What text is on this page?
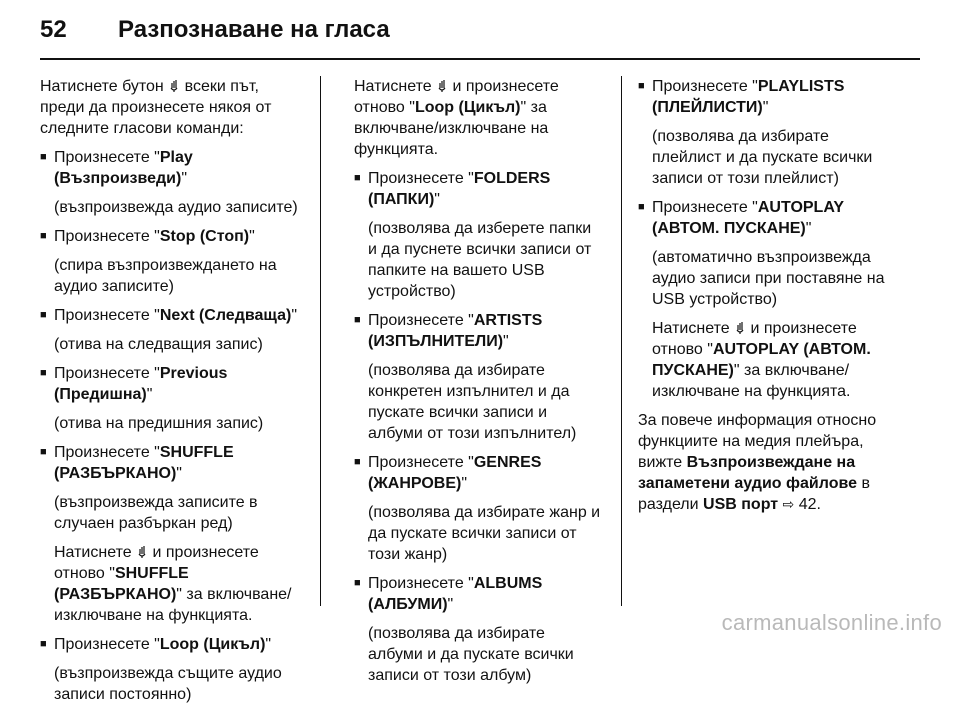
52	Разпознаване на гласа

Натиснете бутон  всеки път, преди да произнесете някоя от следните гласови команди:

■ Произнесете "Play (Възпроизведи)"

(възпроизвежда аудио записите)

■ Произнесете "Stop (Стоп)"

(спира възпроизвеждането на аудио записите)

■ Произнесете "Next (Следваща)"

(отива на следващия запис)

■ Произнесете "Previous (Предишна)"

(отива на предишния запис)

■ Произнесете "SHUFFLE (РАЗБЪРКАНО)"

(възпроизвежда записите в случаен разбъркан ред)

Натиснете  и произнесете отново "SHUFFLE (РАЗБЪРКАНО)" за включване/изключване на функцията.

■ Произнесете "Loop (Цикъл)"

(възпроизвежда същите аудио записи постоянно)

Натиснете  и произнесете отново "Loop (Цикъл)" за включване/изключване на функцията.

■ Произнесете "FOLDERS (ПАПКИ)"

(позволява да изберете папки и да пуснете всички записи от папките на вашето USB устройство)

■ Произнесете "ARTISTS (ИЗПЪЛНИТЕЛИ)"

(позволява да избирате конкретен изпълнител и да пускате всички записи и албуми от този изпълнител)

■ Произнесете "GENRES (ЖАНРОВЕ)"

(позволява да избирате жанр и да пускате всички записи от този жанр)

■ Произнесете "ALBUMS (АЛБУМИ)"

(позволява да избирате албуми и да пускате всички записи от този албум)

■ Произнесете "PLAYLISTS (ПЛЕЙЛИСТИ)"

(позволява да избирате плейлист и да пускате всички записи от този плейлист)

■ Произнесете "AUTOPLAY (АВТОМ. ПУСКАНЕ)"

(автоматично възпроизвежда аудио записи при поставяне на USB устройство)

Натиснете  и произнесете отново "AUTOPLAY (АВТОМ. ПУСКАНЕ)" за включване/изключване на функцията.

За повече информация относно функциите на медия плейъра, вижте Възпроизвеждане на запаметени аудио файлове в раздели USB порт ⇨ 42.

carmanualsonline.info
